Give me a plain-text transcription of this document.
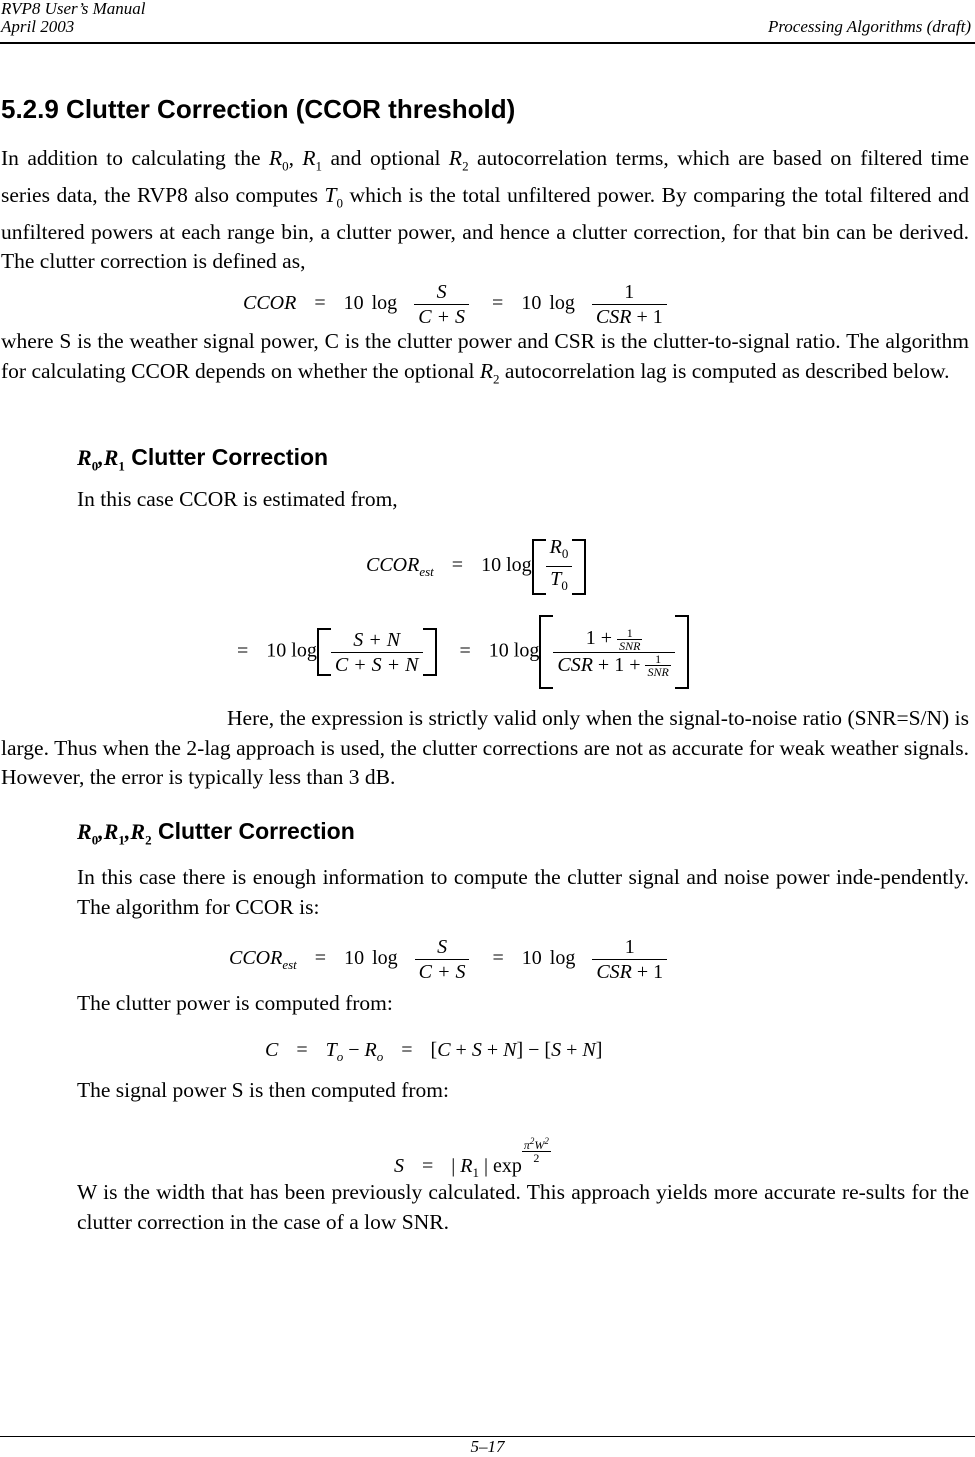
RVP8 User’s Manual
April 2003	Processing Algorithms (draft)
5.2.9 Clutter Correction (CCOR threshold)

In addition to calculating the $R_0$, $R_1$ and optional $R_2$ autocorrelation terms, which are based on filtered time series data, the RVP8 also computes $T_0$ which is the total unfiltered power. By comparing the total filtered and unfiltered powers at each range bin, a clutter power, and hence a clutter correction, for that bin can be derived. The clutter correction is defined as,

CCOR = 10 $\log \frac{S}{C + S} = 10$ $\log \frac{1}{\text{CSR + 1}}$

where S is the weather signal power, C is the clutter power and CSR is the clutter-to-signal ratio. The algorithm for calculating CCOR depends on whether the optional $R_2$ autocorrelation lag is computed as described below.

$R_0,R_1$ Clutter Correction

In this case CCOR is estimated from,

$CCOR_{est} = 10$ $\log \frac{R_0}{T_0}$
= 10 $\log \frac{S + N}{C + S + N} = 10$ $\log \frac{1 + \frac{1}{\text{SNR}}}{CSR + 1 + \frac{1}{\text{SNR}}}$

Here, the expression is strictly valid only when the signal-to-noise ratio (SNR=S/N) is large. Thus when the 2-lag approach is used, the clutter corrections are not as accurate for weak weather signals. However, the error is typically less than 3 dB.

$R_0,R_1,R_2$ Clutter Correction

In this case there is enough information to compute the clutter signal and noise power inde-pendently. The algorithm for CCOR is:

$CCOR_{est} = 10$ $\log \frac{S}{C + S} = 10$ $\log \frac{1}{\text{CSR + 1}}$

The clutter power is computed from:

$C = T_o - R_o = [C + S + N] - [S + N]$

The signal power S is then computed from:

S = | $R_1$ | exp
$\frac{\pi^2W^2}{2}$

W is the width that has been previously calculated. This approach yields more accurate re-sults for the clutter correction in the case of a low SNR.

5–17
